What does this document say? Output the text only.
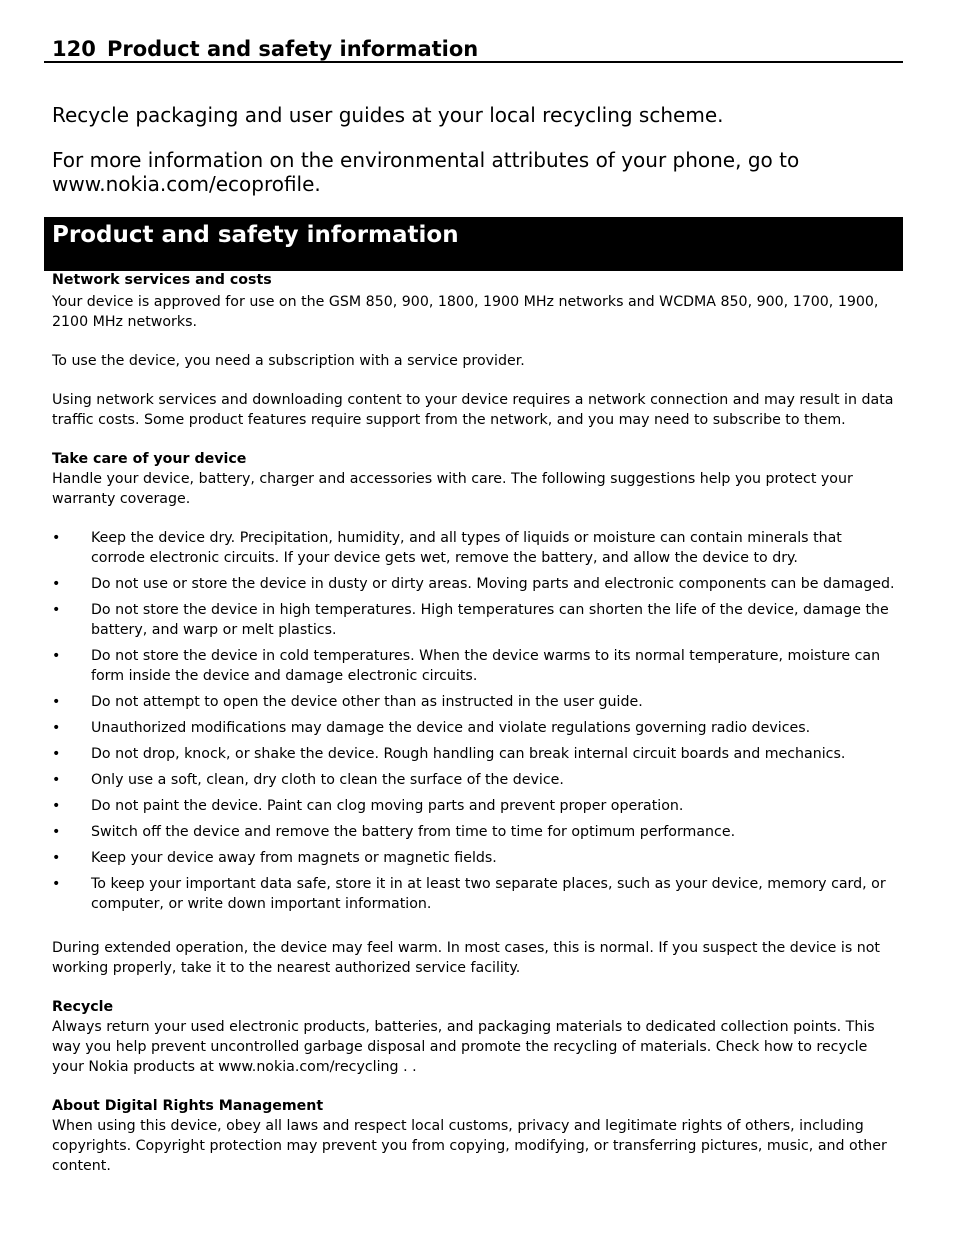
120 Product and safety information

Recycle packaging and user guides at your local recycling scheme.

For more information on the environmental attributes of your phone, go to www.nokia.com/ecoprofile.

Product and safety information
Network services and costs

Your device is approved for use on the GSM 850, 900, 1800, 1900 MHz networks and WCDMA 850, 900, 1700, 1900, 2100 MHz networks.

To use the device, you need a subscription with a service provider.

Using network services and downloading content to your device requires a network connection and may result in data traffic costs. Some product features require support from the network, and you may need to subscribe to them.

Take care of your device

Handle your device, battery, charger and accessories with care. The following suggestions help you protect your warranty coverage.

• Keep the device dry. Precipitation, humidity, and all types of liquids or moisture can contain minerals that corrode electronic circuits. If your device gets wet, remove the battery, and allow the device to dry.
• Do not use or store the device in dusty or dirty areas. Moving parts and electronic components can be damaged.
• Do not store the device in high temperatures. High temperatures can shorten the life of the device, damage the battery, and warp or melt plastics.
• Do not store the device in cold temperatures. When the device warms to its normal temperature, moisture can form inside the device and damage electronic circuits.
• Do not attempt to open the device other than as instructed in the user guide.
• Unauthorized modifications may damage the device and violate regulations governing radio devices.
• Do not drop, knock, or shake the device. Rough handling can break internal circuit boards and mechanics.
• Only use a soft, clean, dry cloth to clean the surface of the device.
• Do not paint the device. Paint can clog moving parts and prevent proper operation.
• Switch off the device and remove the battery from time to time for optimum performance.
• Keep your device away from magnets or magnetic fields.
• To keep your important data safe, store it in at least two separate places, such as your device, memory card, or computer, or write down important information.

During extended operation, the device may feel warm. In most cases, this is normal. If you suspect the device is not working properly, take it to the nearest authorized service facility.

Recycle

Always return your used electronic products, batteries, and packaging materials to dedicated collection points. This way you help prevent uncontrolled garbage disposal and promote the recycling of materials. Check how to recycle your Nokia products at www.nokia.com/recycling . .

About Digital Rights Management

When using this device, obey all laws and respect local customs, privacy and legitimate rights of others, including copyrights. Copyright protection may prevent you from copying, modifying, or transferring pictures, music, and other content.
